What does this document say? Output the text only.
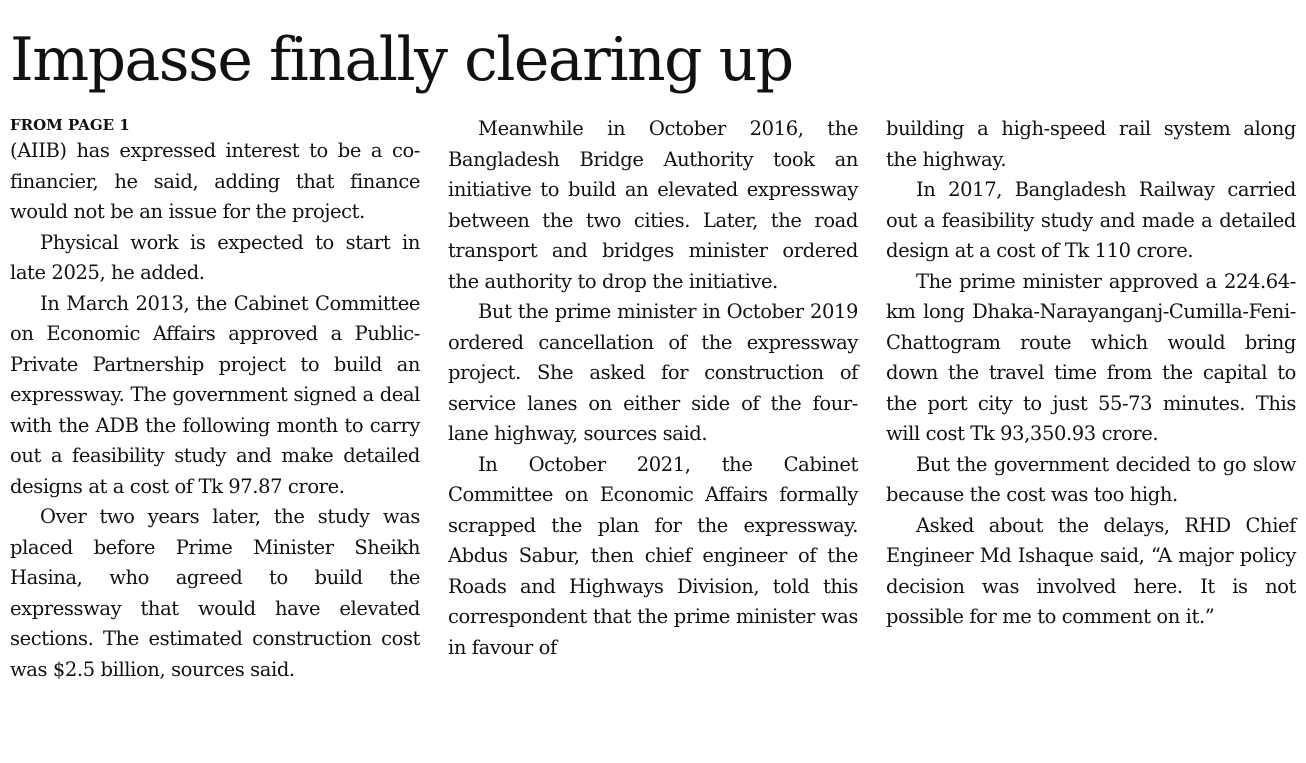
Impasse finally clearing up

FROM PAGE 1

(AIIB) has expressed interest to be a co-financier, he said, adding that finance would not be an issue for the project.

Physical work is expected to start in late 2025, he added.

In March 2013, the Cabinet Committee on Economic Affairs approved a Public-Private Partnership project to build an expressway. The government signed a deal with the ADB the following month to carry out a feasibility study and make detailed designs at a cost of Tk 97.87 crore.

Over two years later, the study was placed before Prime Minister Sheikh Hasina, who agreed to build the expressway that would have elevated sections. The estimated construction cost was $2.5 billion, sources said.

Meanwhile in October 2016, the Bangladesh Bridge Authority took an initiative to build an elevated expressway between the two cities. Later, the road transport and bridges minister ordered the authority to drop the initiative.

But the prime minister in October 2019 ordered cancellation of the expressway project. She asked for construction of service lanes on either side of the four-lane highway, sources said.

In October 2021, the Cabinet Committee on Economic Affairs formally scrapped the plan for the expressway. Abdus Sabur, then chief engineer of the Roads and Highways Division, told this correspondent that the prime minister was in favour of

building a high-speed rail system along the highway.

In 2017, Bangladesh Railway carried out a feasibility study and made a detailed design at a cost of Tk 110 crore.

The prime minister approved a 224.64-km long Dhaka-Narayanganj-Cumilla-Feni-Chattogram route which would bring down the travel time from the capital to the port city to just 55-73 minutes. This will cost Tk 93,350.93 crore.

But the government decided to go slow because the cost was too high.

Asked about the delays, RHD Chief Engineer Md Ishaque said, “A major policy decision was involved here. It is not possible for me to comment on it.”
